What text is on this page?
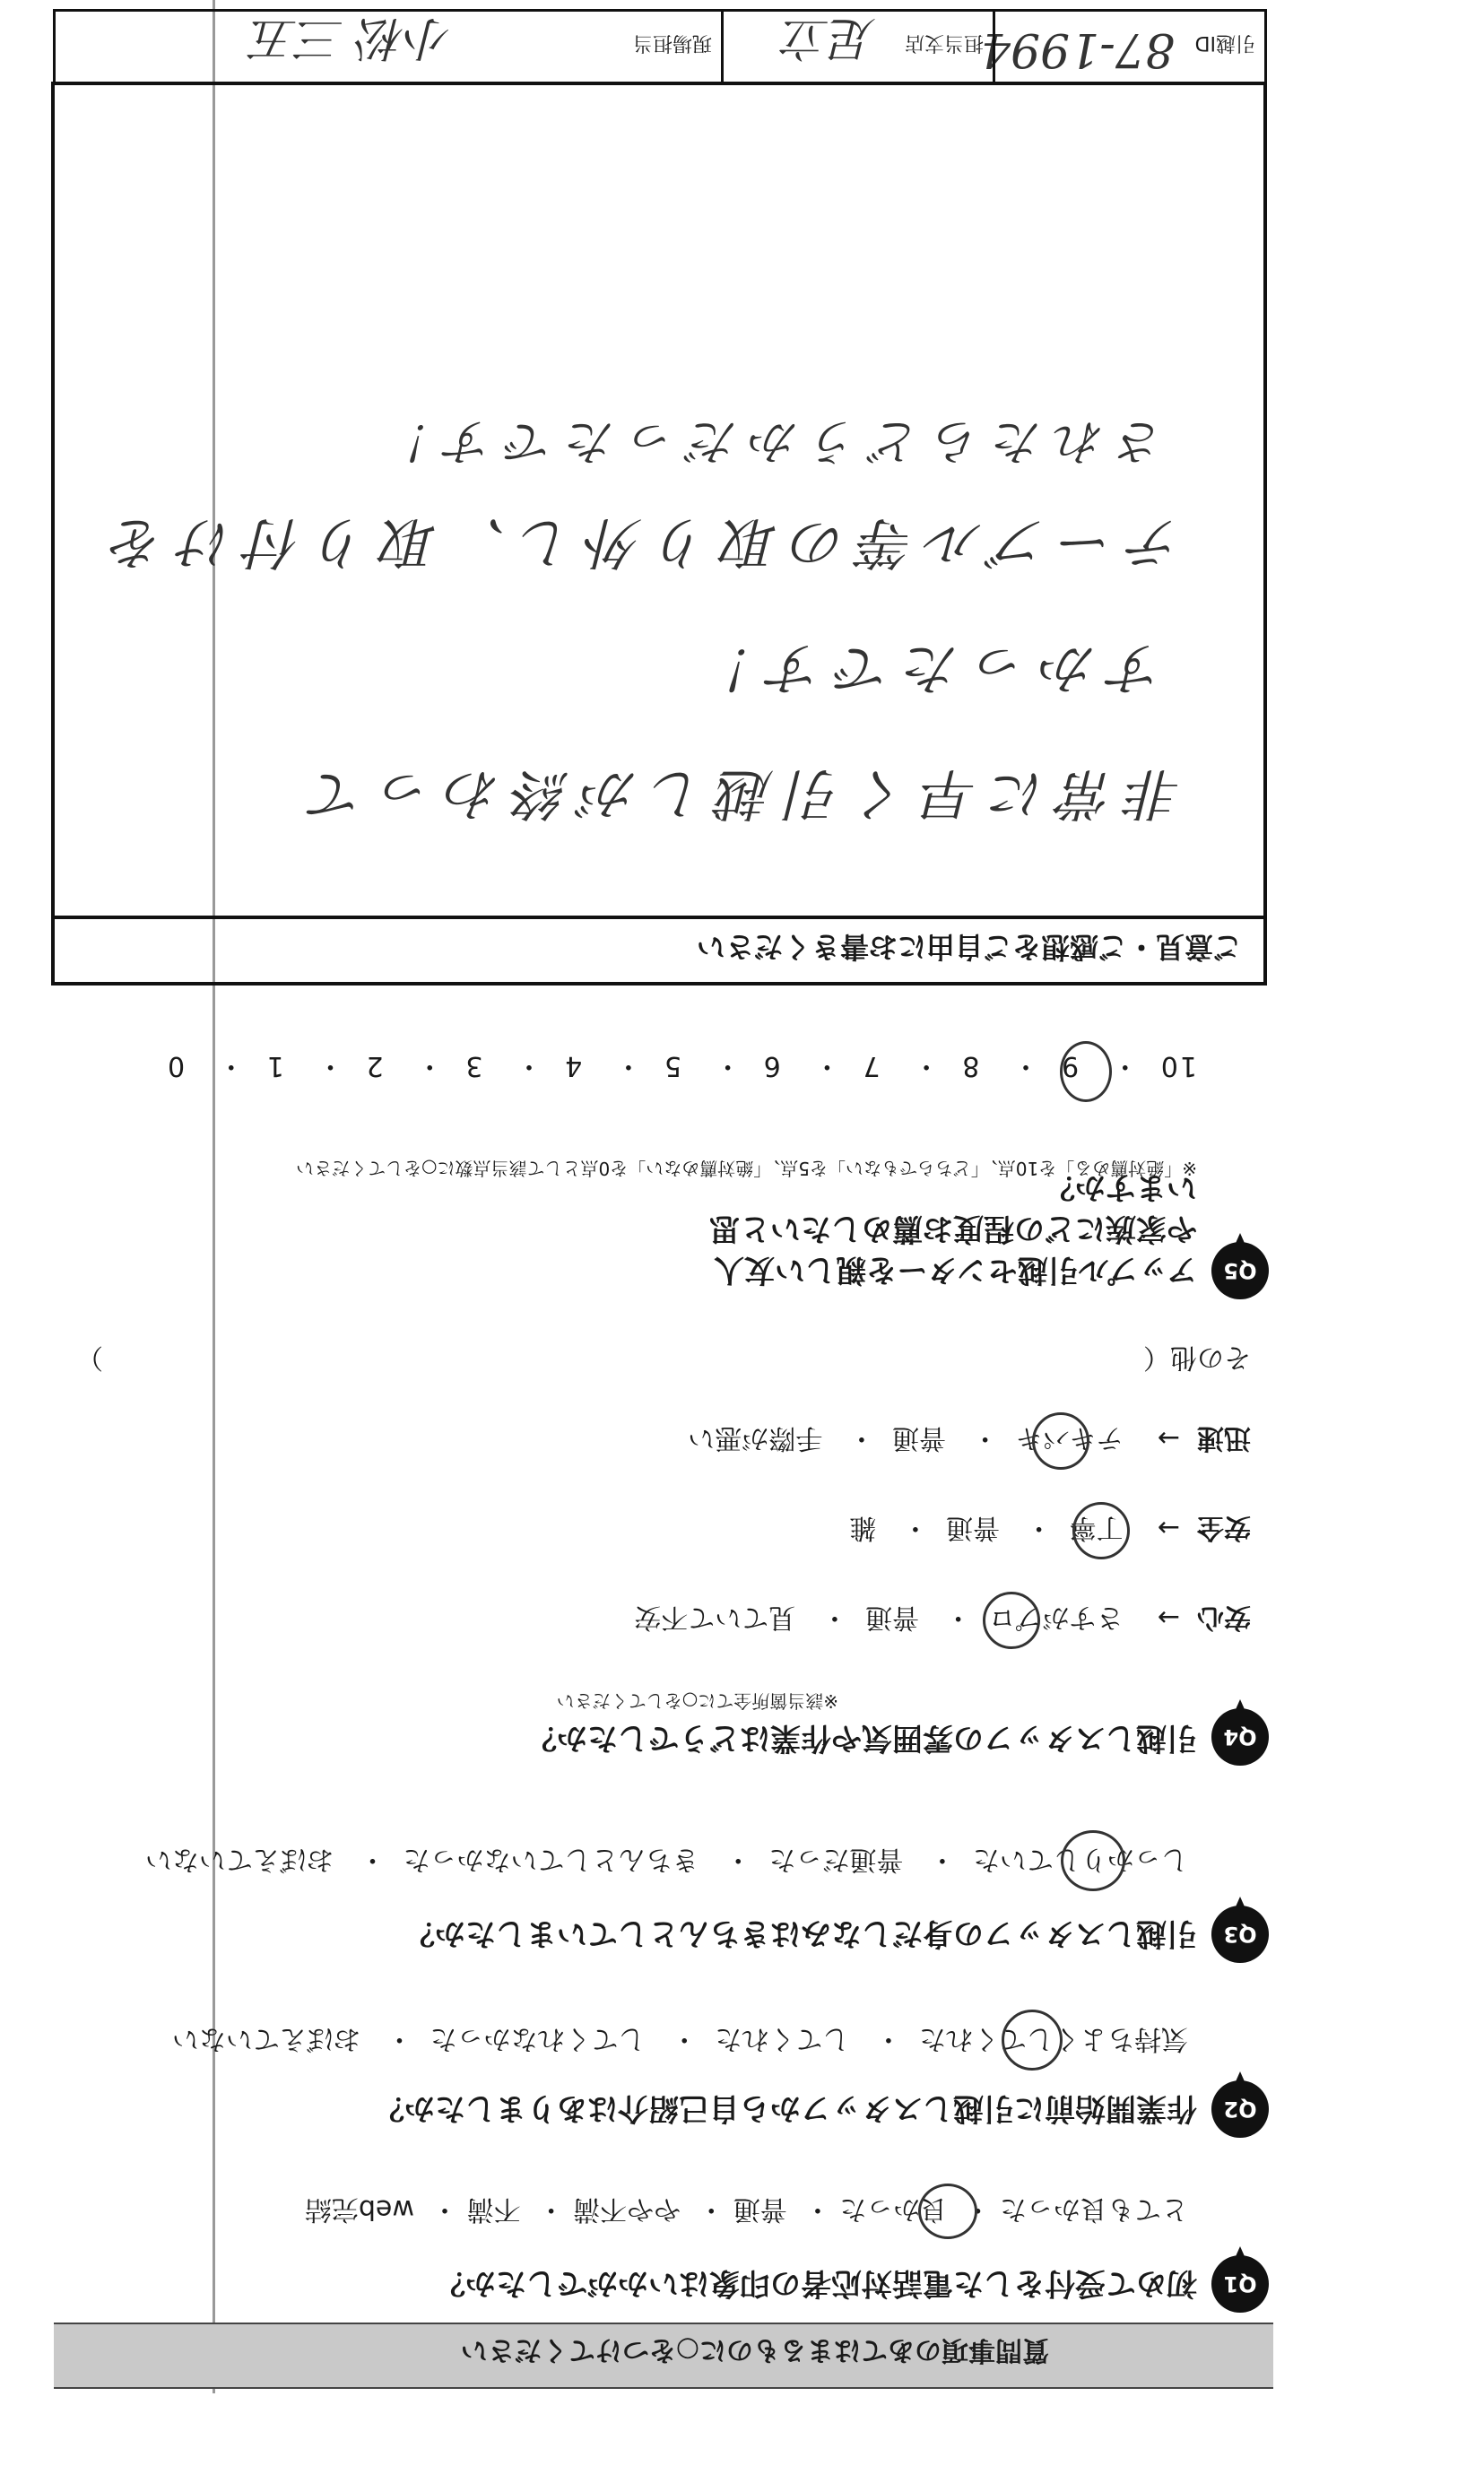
質問事項のあてはまるものに○をつけてください
Q1
初めて受付をした電話対応者の印象はいかがでしたか？
とても良かった ・  良かった ・  普通 ・  やや不満 ・  不満 ・  web完結
Q2
作業開始前に引越しスタッフから自己紹介はありましたか？
気持ちよくしてくれた  ・   してくれた  ・   してくれなかった  ・   おぼえていない
Q3
引越しスタッフの身だしなみはきちんとしていましたか？
しっかりしていた  ・   普通だった  ・   きちんとしていなかった  ・   おぼえていない
Q4
引越しスタッフの雰囲気や作業はどうでしたか？
※該当箇所全てに○をしてください
安心  →    さすがプロ  ・   普通  ・   見ていて不安
安全  →    丁寧  ・   普通  ・   雑
迅速  →    テキパキ  ・   普通  ・   手際が悪い
その他（
）
Q5
アップル引越センターを親しい友人や家族にどの程度お薦めしたいと思いますか？
※「絶対薦める」を10点、「どちらでもない」を5点、「絶対薦めない」を0点として該当点数に○をしてください
10  ・   9  ・   8  ・   7  ・   6  ・   5  ・   4  ・   3  ・   2  ・   1  ・   0
ご意見・ご感想をご自由にお書きください
非常に早く引越しが終わって
すかったです！
テーブル等の取り外し、取り付けを
されたらどうかだったです！
引越ID
87-1994
担当支店
足立
現場担当
小松 三五
